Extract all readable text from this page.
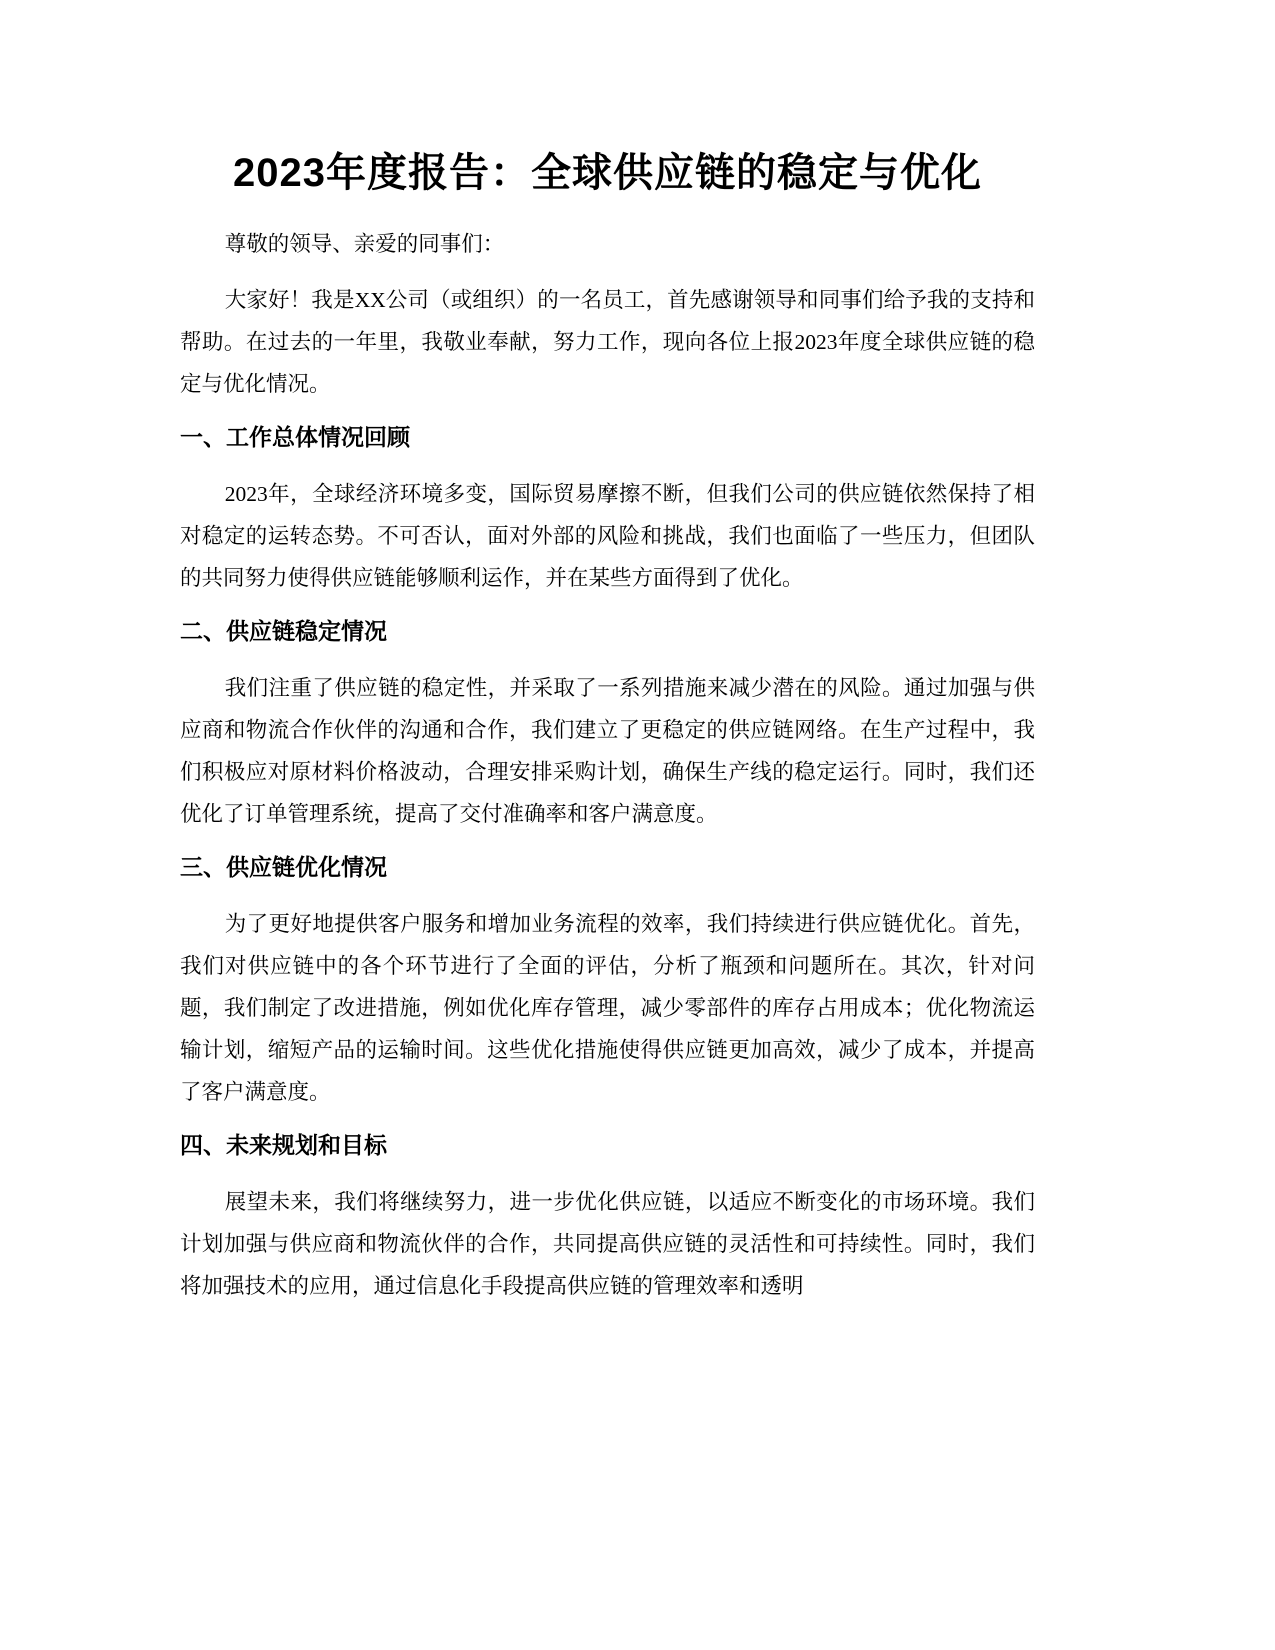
2023年度报告：全球供应链的稳定与优化

尊敬的领导、亲爱的同事们：

大家好！我是XX公司（或组织）的一名员工，首先感谢领导和同事们给予我的支持和帮助。在过去的一年里，我敬业奉献，努力工作，现向各位上报2023年度全球供应链的稳定与优化情况。

一、工作总体情况回顾

2023年，全球经济环境多变，国际贸易摩擦不断，但我们公司的供应链依然保持了相对稳定的运转态势。不可否认，面对外部的风险和挑战，我们也面临了一些压力，但团队的共同努力使得供应链能够顺利运作，并在某些方面得到了优化。

二、供应链稳定情况

我们注重了供应链的稳定性，并采取了一系列措施来减少潜在的风险。通过加强与供应商和物流合作伙伴的沟通和合作，我们建立了更稳定的供应链网络。在生产过程中，我们积极应对原材料价格波动，合理安排采购计划，确保生产线的稳定运行。同时，我们还优化了订单管理系统，提高了交付准确率和客户满意度。

三、供应链优化情况

为了更好地提供客户服务和增加业务流程的效率，我们持续进行供应链优化。首先，我们对供应链中的各个环节进行了全面的评估，分析了瓶颈和问题所在。其次，针对问题，我们制定了改进措施，例如优化库存管理，减少零部件的库存占用成本；优化物流运输计划，缩短产品的运输时间。这些优化措施使得供应链更加高效，减少了成本，并提高了客户满意度。

四、未来规划和目标

展望未来，我们将继续努力，进一步优化供应链，以适应不断变化的市场环境。我们计划加强与供应商和物流伙伴的合作，共同提高供应链的灵活性和可持续性。同时，我们将加强技术的应用，通过信息化手段提高供应链的管理效率和透明
